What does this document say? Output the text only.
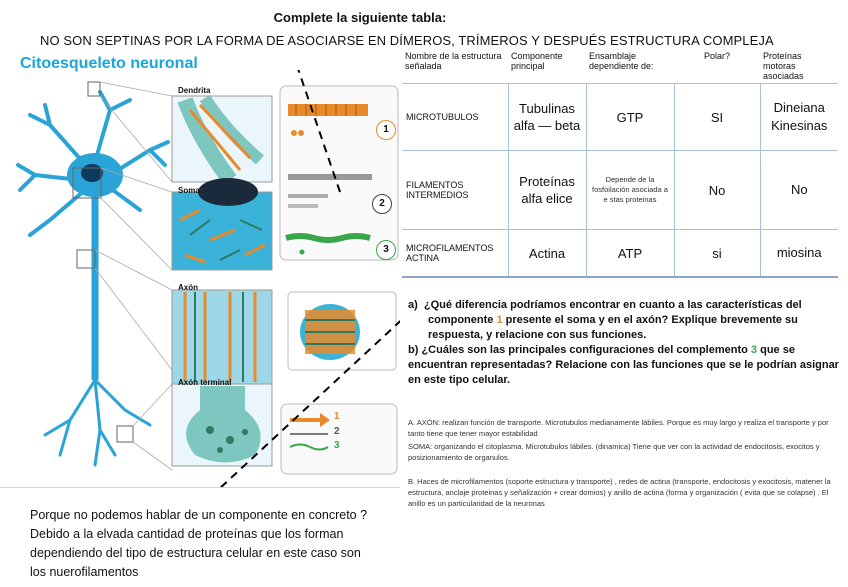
Complete la siguiente tabla:
NO SON SEPTINAS POR LA FORMA DE ASOCIARSE EN DÍMEROS, TRÍMEROS Y DESPUÉS ESTRUCTURA COMPLEJA
Citoesqueleto neuronal
Dendrita
Soma
Axón
Axón terminal
1
2
3
1
2
3
Nombre de la estructura señalada	Componente principal	Ensamblaje dependiente de:	Polar?	Proteínas motoras asociadas
MICROTUBULOS	Tubulinas alfa — beta	GTP	SI	Dineiana Kinesinas
FILAMENTOS INTERMEDIOS	Proteínas alfa elice	Depende de la fosfoilación asociada a e stas proteinas	No	No
MICROFILAMENTOS ACTINA	Actina	ATP	si	miosina

a) ¿Qué diferencia podríamos encontrar en cuanto a las características del
componente 1 presente el soma y en el axón? Explique brevemente su
respuesta, y relacione con sus funciones.

b) ¿Cuáles son las principales configuraciones del complemento 3 que se encuentran representadas? Relacione con las funciones que se le podrían asignar en este tipo celular.

A. AXÓN: realizan función de transporte. Microtubulos medianamente lábiles. Porque es muy largo y realiza el transporte y por tanto tiene que tener mayor estabilidad
SOMA: organizando el citoplasma. Microtubulos lábiles. (dinamica) Tiene que ver con la actividad de endocitosis, exocitos y posizionamiento de organulos.
B. Haces de microfilamentos (soporte estructura y transporte) , redes de actina (transporte, endocitosis y exocitosis, matener la estructura, anclaje proteinas y señalización + crear domios) y anillo de actina (forma y organización ( evita que se colapse) . El anillo es un particularidad de la neuronas
Porque no podemos hablar de un componente en concreto ? Debido a la elvada cantidad de proteínas que los forman dependiendo del tipo de estructura celular en este caso son los nuerofilamentos
